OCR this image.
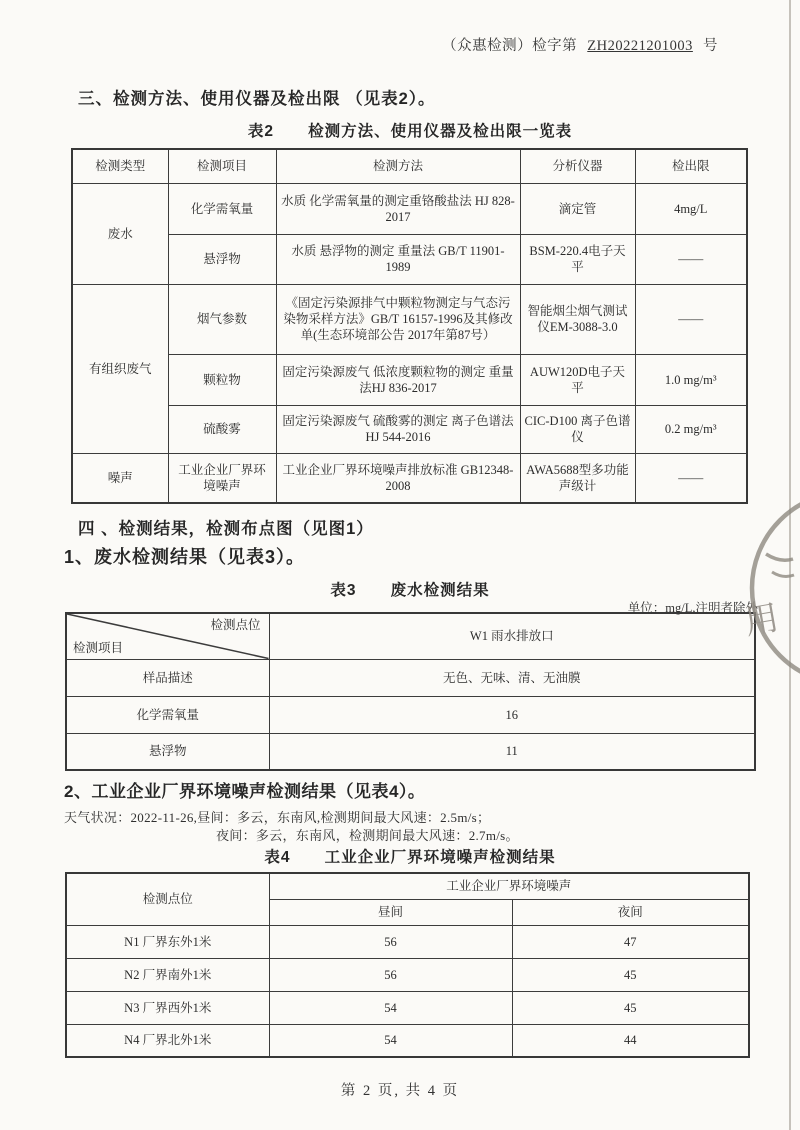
（众惠检测）检字第 ZH20221201003 号
三、检测方法、使用仪器及检出限 （见表2）。
表2 检测方法、使用仪器及检出限一览表
检测类型	检测项目	检测方法	分析仪器	检出限
废水	化学需氧量	水质 化学需氧量的测定重铬酸盐法 HJ 828-2017	滴定管	4mg/L
	悬浮物	水质 悬浮物的测定 重量法 GB/T 11901-1989	BSM-220.4电子天平	——
有组织废气	烟气参数	《固定污染源排气中颗粒物测定与气态污染物采样方法》GB/T 16157-1996及其修改单(生态环境部公告 2017年第87号）	智能烟尘烟气测试仪EM-3088-3.0	——
	颗粒物	固定污染源废气 低浓度颗粒物的测定 重量法HJ 836-2017	AUW120D电子天平	1.0 mg/m³
	硫酸雾	固定污染源废气 硫酸雾的测定 离子色谱法HJ 544-2016	CIC-D100 离子色谱仪	0.2 mg/m³
噪声	工业企业厂界环境噪声	工业企业厂界环境噪声排放标准 GB12348-2008	AWA5688型多功能声级计	——
四 、检测结果，检测布点图（见图1）
1、废水检测结果（见表3）。
表3 废水检测结果
单位：mg/L,注明者除外
检测点位
检测项目	W1 雨水排放口
样品描述	无色、无味、清、无油膜
化学需氧量	16
悬浮物	11
2、工业企业厂界环境噪声检测结果（见表4）。
天气状况：2022-11-26,昼间：多云，东南风,检测期间最大风速：2.5m/s；
夜间：多云，东南风，检测期间最大风速：2.7m/s。
表4 工业企业厂界环境噪声检测结果
检测点位	工业企业厂界环境噪声	
	昼间	夜间
N1 厂界东外1米	56	47
N2 厂界南外1米	56	45
N3 厂界西外1米	54	45
N4 厂界北外1米	54	44
用
第 2 页, 共 4 页
